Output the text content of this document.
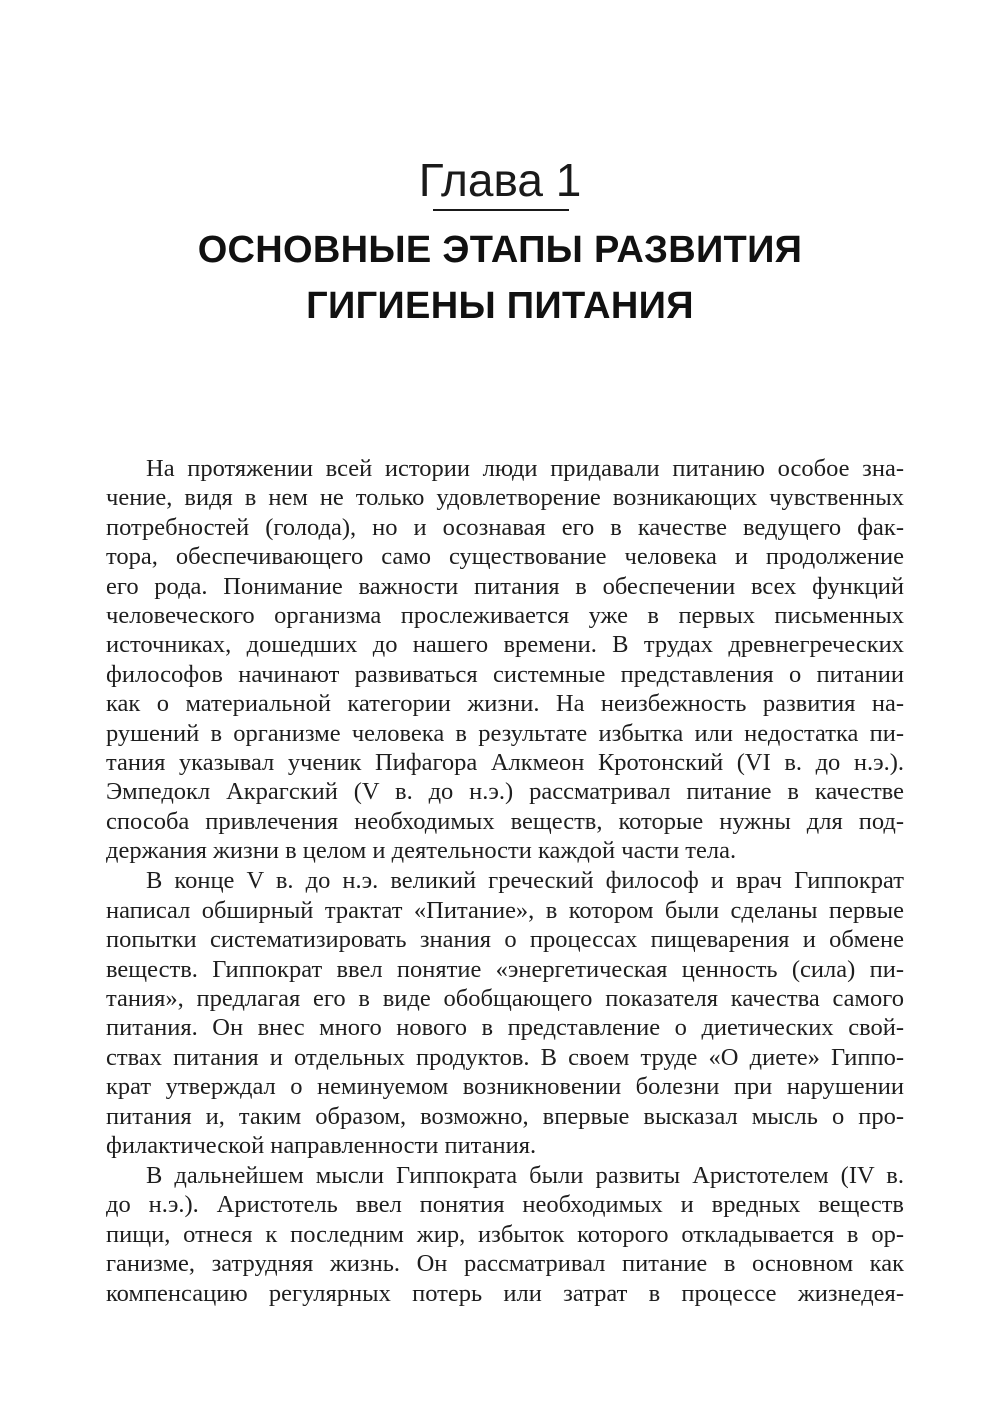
Глава 1
ОСНОВНЫЕ ЭТАПЫ РАЗВИТИЯ
ГИГИЕНЫ ПИТАНИЯ

На протяжении всей истории люди придавали питанию особое зна-
чение, видя в нем не только удовлетворение возникающих чувственных
потребностей (голода), но и осознавая его в качестве ведущего фак-
тора, обеспечивающего само существование человека и продолжение
его рода. Понимание важности питания в обеспечении всех функций
человеческого организма прослеживается уже в первых письменных
источниках, дошедших до нашего времени. В трудах древнегреческих
философов начинают развиваться системные представления о питании
как о материальной категории жизни. На неизбежность развития на-
рушений в организме человека в результате избытка или недостатка пи-
тания указывал ученик Пифагора Алкмеон Кротонский (VI в. до н.э.).
Эмпедокл Акрагский (V в. до н.э.) рассматривал питание в качестве
способа привлечения необходимых веществ, которые нужны для под-
держания жизни в целом и деятельности каждой части тела.

В конце V в. до н.э. великий греческий философ и врач Гиппократ
написал обширный трактат «Питание», в котором были сделаны первые
попытки систематизировать знания о процессах пищеварения и обмене
веществ. Гиппократ ввел понятие «энергетическая ценность (сила) пи-
тания», предлагая его в виде обобщающего показателя качества самого
питания. Он внес много нового в представление о диетических свой-
ствах питания и отдельных продуктов. В своем труде «О диете» Гиппо-
крат утверждал о неминуемом возникновении болезни при нарушении
питания и, таким образом, возможно, впервые высказал мысль о про-
филактической направленности питания.

В дальнейшем мысли Гиппократа были развиты Аристотелем (IV в.
до н.э.). Аристотель ввел понятия необходимых и вредных веществ
пищи, отнеся к последним жир, избыток которого откладывается в ор-
ганизме, затрудняя жизнь. Он рассматривал питание в основном как
компенсацию регулярных потерь или затрат в процессе жизнедея-
